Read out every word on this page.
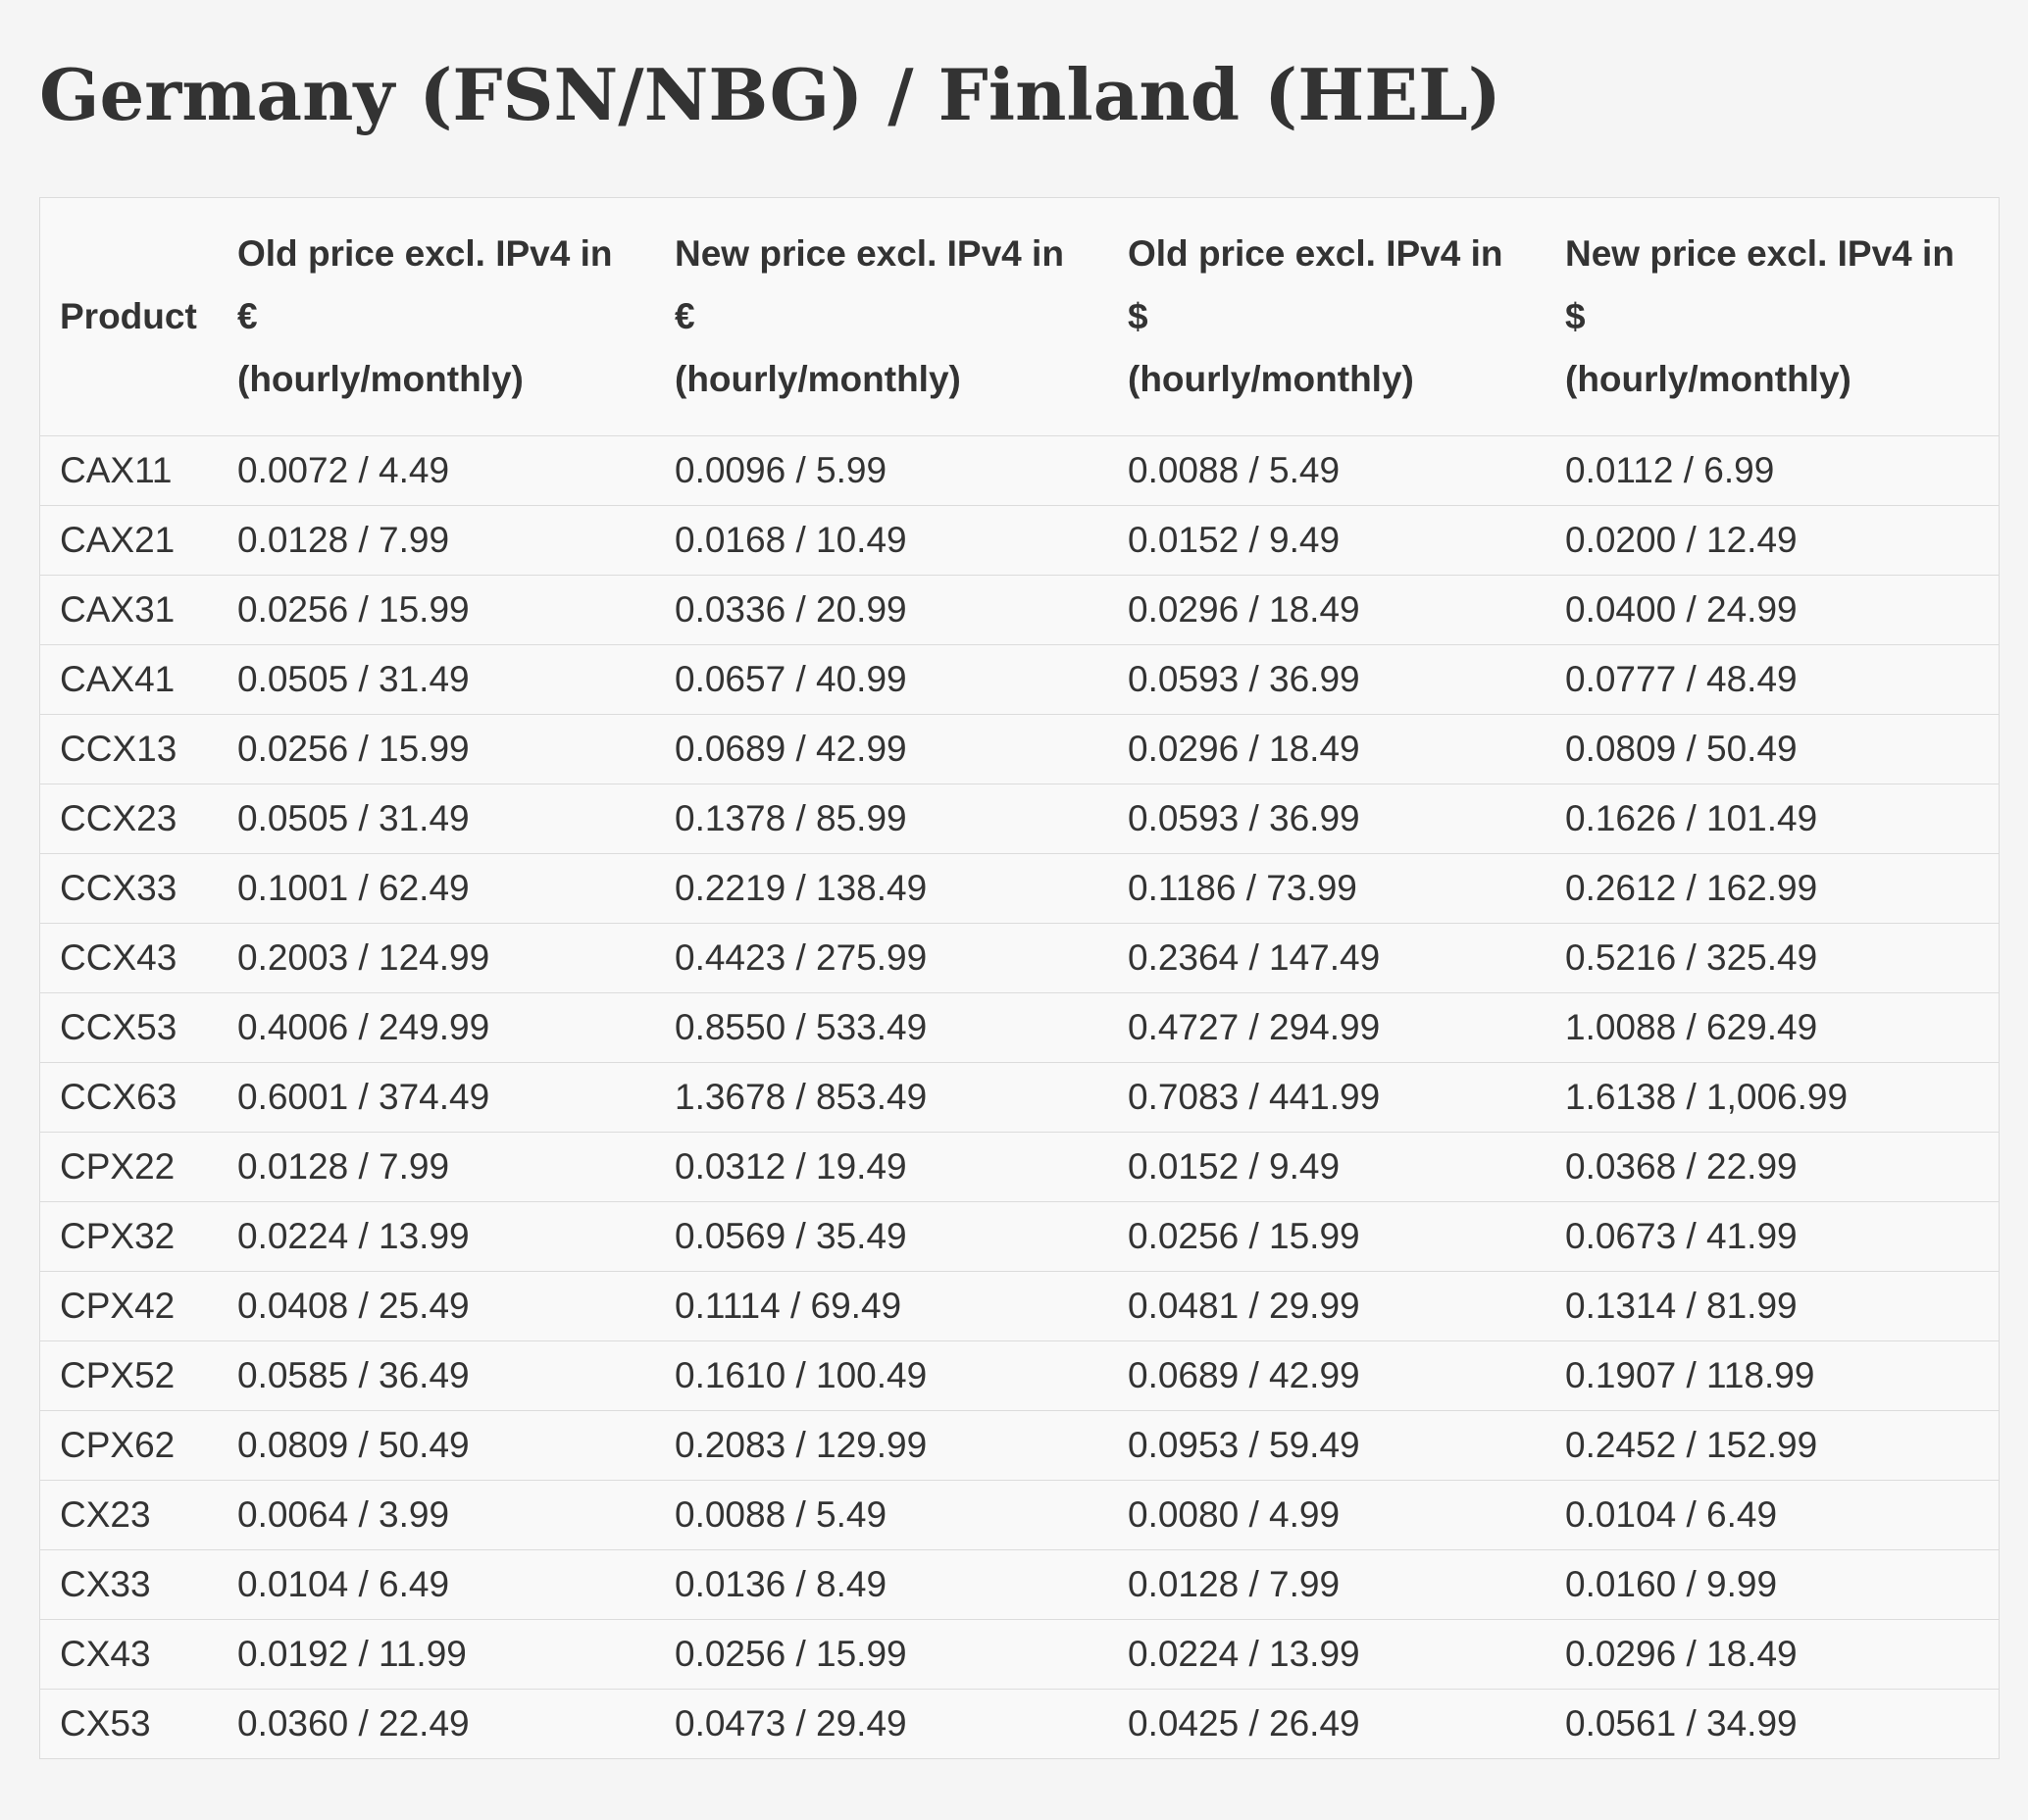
Germany (FSN/NBG) / Finland (HEL)
Product	Old price excl. IPv4 in
€
(hourly/monthly)	New price excl. IPv4 in
€
(hourly/monthly)	Old price excl. IPv4 in
$
(hourly/monthly)	New price excl. IPv4 in
$
(hourly/monthly)

CAX11	0.0072 / 4.49	0.0096 / 5.99	0.0088 / 5.49	0.0112 / 6.99
CAX21	0.0128 / 7.99	0.0168 / 10.49	0.0152 / 9.49	0.0200 / 12.49
CAX31	0.0256 / 15.99	0.0336 / 20.99	0.0296 / 18.49	0.0400 / 24.99
CAX41	0.0505 / 31.49	0.0657 / 40.99	0.0593 / 36.99	0.0777 / 48.49
CCX13	0.0256 / 15.99	0.0689 / 42.99	0.0296 / 18.49	0.0809 / 50.49
CCX23	0.0505 / 31.49	0.1378 / 85.99	0.0593 / 36.99	0.1626 / 101.49
CCX33	0.1001 / 62.49	0.2219 / 138.49	0.1186 / 73.99	0.2612 / 162.99
CCX43	0.2003 / 124.99	0.4423 / 275.99	0.2364 / 147.49	0.5216 / 325.49
CCX53	0.4006 / 249.99	0.8550 / 533.49	0.4727 / 294.99	1.0088 / 629.49
CCX63	0.6001 / 374.49	1.3678 / 853.49	0.7083 / 441.99	1.6138 / 1,006.99
CPX22	0.0128 / 7.99	0.0312 / 19.49	0.0152 / 9.49	0.0368 / 22.99
CPX32	0.0224 / 13.99	0.0569 / 35.49	0.0256 / 15.99	0.0673 / 41.99
CPX42	0.0408 / 25.49	0.1114 / 69.49	0.0481 / 29.99	0.1314 / 81.99
CPX52	0.0585 / 36.49	0.1610 / 100.49	0.0689 / 42.99	0.1907 / 118.99
CPX62	0.0809 / 50.49	0.2083 / 129.99	0.0953 / 59.49	0.2452 / 152.99
CX23	0.0064 / 3.99	0.0088 / 5.49	0.0080 / 4.99	0.0104 / 6.49
CX33	0.0104 / 6.49	0.0136 / 8.49	0.0128 / 7.99	0.0160 / 9.99
CX43	0.0192 / 11.99	0.0256 / 15.99	0.0224 / 13.99	0.0296 / 18.49
CX53	0.0360 / 22.49	0.0473 / 29.49	0.0425 / 26.49	0.0561 / 34.99
